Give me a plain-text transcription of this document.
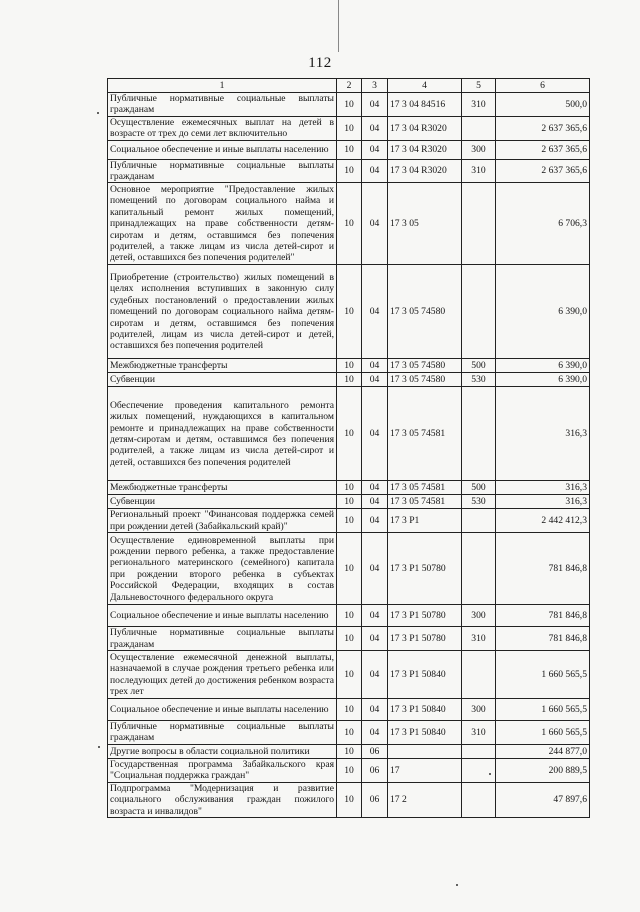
112
1	2	3	4	5	6
Публичные нормативные социальные выплаты гражданам	10	04	17 3 04 84516	310	500,0
Осуществление ежемесячных выплат на детей в возрасте от трех до семи лет включительно	10	04	17 3 04 R3020		2 637 365,6
Социальное обеспечение и иные выплаты населению	10	04	17 3 04 R3020	300	2 637 365,6
Публичные нормативные социальные выплаты гражданам	10	04	17 3 04 R3020	310	2 637 365,6
Основное мероприятие "Предоставление жилых помещений по договорам социального найма и капитальный ремонт жилых помещений, принадлежащих на праве собственности детям-сиротам и детям, оставшимся без попечения родителей, а также лицам из числа детей-сирот и детей, оставшихся без попечения родителей"	10	04	17 3 05		6 706,3
Приобретение (строительство) жилых помещений в целях исполнения вступивших в законную силу судебных постановлений о предоставлении жилых помещений по договорам социального найма детям-сиротам и детям, оставшимся без попечения родителей, лицам из числа детей-сирот и детей, оставшихся без попечения родителей	10	04	17 3 05 74580		6 390,0
Межбюджетные трансферты	10	04	17 3 05 74580	500	6 390,0
Субвенции	10	04	17 3 05 74580	530	6 390,0
Обеспечение проведения капитального ремонта жилых помещений, нуждающихся в капитальном ремонте и принадлежащих на праве собственности детям-сиротам и детям, оставшимся без попечения родителей, а также лицам из числа детей-сирот и детей, оставшихся без попечения родителей	10	04	17 3 05 74581		316,3
Межбюджетные трансферты	10	04	17 3 05 74581	500	316,3
Субвенции	10	04	17 3 05 74581	530	316,3
Региональный проект "Финансовая поддержка семей при рождении детей (Забайкальский край)"	10	04	17 3 P1		2 442 412,3
Осуществление единовременной выплаты при рождении первого ребенка, а также предоставление регионального материнского (семейного) капитала при рождении второго ребенка в субъектах Российской Федерации, входящих в состав Дальневосточного федерального округа	10	04	17 3 P1 50780		781 846,8
Социальное обеспечение и иные выплаты населению	10	04	17 3 P1 50780	300	781 846,8
Публичные нормативные социальные выплаты гражданам	10	04	17 3 P1 50780	310	781 846,8
Осуществление ежемесячной денежной выплаты, назначаемой в случае рождения третьего ребенка или последующих детей до достижения ребенком возраста трех лет	10	04	17 3 P1 50840		1 660 565,5
Социальное обеспечение и иные выплаты населению	10	04	17 3 P1 50840	300	1 660 565,5
Публичные нормативные социальные выплаты гражданам	10	04	17 3 P1 50840	310	1 660 565,5
Другие вопросы в области социальной политики	10	06			244 877,0
Государственная программа Забайкальского края "Социальная поддержка граждан"	10	06	17		200 889,5
Подпрограмма "Модернизация и развитие социального обслуживания граждан пожилого возраста и инвалидов"	10	06	17 2		47 897,6
